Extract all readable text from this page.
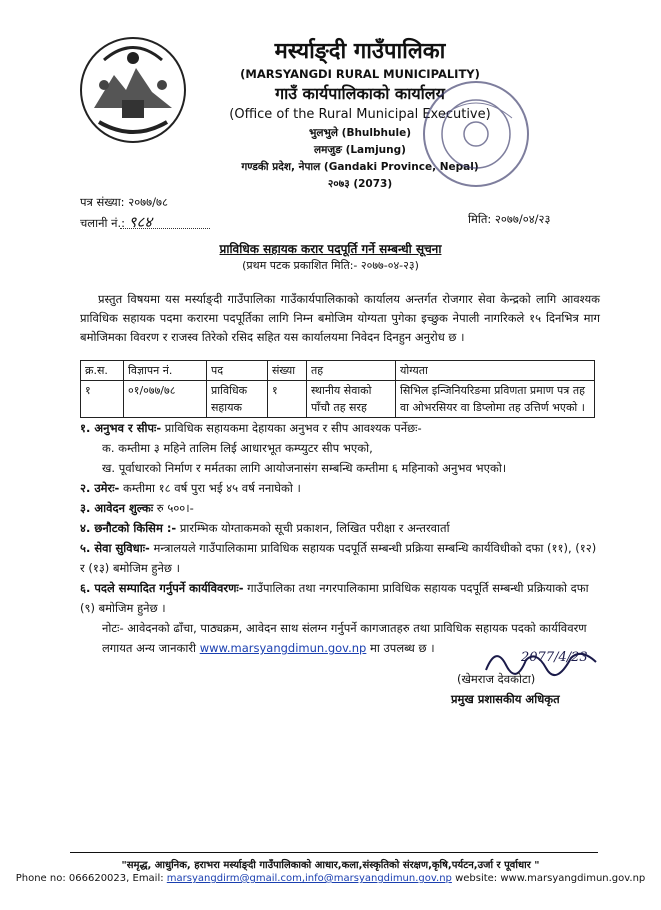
मर्स्याङ्दी गाउँपालिका
(MARSYANGDI RURAL MUNICIPALITY)
गाउँ कार्यपालिकाको कार्यालय
(Office of the Rural Municipal Executive)
भुलभुले (Bhulbhule)
लमजुङ (Lamjung)
गण्डकी प्रदेश, नेपाल (Gandaki Province, Nepal)
२०७३ (2073)
पत्र संख्या: २०७७/७८
चलानी नं.: ९८४	मिति: २०७७/०४/२३
प्राविधिक सहायक करार पदपूर्ति गर्ने सम्बन्धी सूचना
(प्रथम पटक प्रकाशित मिति:- २०७७-०४-२३)
प्रस्तुत विषयमा यस मर्स्याङ्दी गाउँपालिका गाउँकार्यपालिकाको कार्यालय अन्तर्गत रोजगार सेवा केन्द्रको लागि आवश्यक प्राविधिक सहायक पदमा करारमा पदपूर्तिका लागि निम्न बमोजिम योग्यता पुगेका इच्छुक नेपाली नागरिकले १५ दिनभित्र माग बमोजिमका विवरण र राजस्व तिरेको रसिद सहित यस कार्यालयमा निवेदन दिनहुन अनुरोध छ ।
क्र.स.	विज्ञापन नं.	पद	संख्या	तह	योग्यता
१	०१/०७७/७८	प्राविधिक सहायक	१	स्थानीय सेवाको पाँचौ तह सरह	सिभिल इन्जिनियरिङमा प्रविणता प्रमाण पत्र तह वा ओभरसियर वा डिप्लोमा तह उत्तिर्ण भएको ।
१. अनुभव र सीपः- प्राविधिक सहायकमा देहायका अनुभव र सीप आवश्यक पर्नेछः-
क. कम्तीमा ३ महिने तालिम लिई आधारभूत कम्प्युटर सीप भएको,
ख. पूर्वाधारको निर्माण र मर्मतका लागि आयोजनासंग सम्बन्धि कम्तीमा ६ महिनाको अनुभव भएको।
२. उमेरः- कम्तीमा १८ वर्ष पुरा भई ४५ वर्ष ननाघेको ।
३. आवेदन शुल्कः रु ५००।-
४. छनौटको किसिम :- प्रारम्भिक योग्ताकमको सूची प्रकाशन, लिखित परीक्षा र अन्तरवार्ता
५. सेवा सुविधाः- मन्त्रालयले गाउँपालिकामा प्राविधिक सहायक पदपूर्ति सम्बन्धी प्रक्रिया सम्बन्धि कार्यविधीको दफा (११), (१२) र (१३) बमोजिम हुनेछ ।
६. पदले सम्पादित गर्नुपर्ने कार्यविवरणः- गाउँपालिका तथा नगरपालिकामा प्राविधिक सहायक पदपूर्ति सम्बन्धी प्रक्रियाको दफा (९) बमोजिम हुनेछ ।
नोटः- आवेदनको ढाँचा, पाठ्यक्रम, आवेदन साथ संलग्न गर्नुपर्ने कागजातहरु तथा प्राविधिक सहायक पदको कार्यविवरण लगायत अन्य जानकारी www.marsyangdimun.gov.np मा उपलब्ध छ ।
2077/4/23
(खेमराज देवकोटा)
प्रमुख प्रशासकीय अधिकृत
"समृद्ध, आधुनिक, हराभरा मर्स्याङ्दी गाउँपालिकाको आधार,कला,संस्कृतिको संरक्षण,कृषि,पर्यटन,उर्जा र पूर्वाधार "
Phone no: 066620023, Email: marsyangdirm@gmail.com,info@marsyangdimun.gov.np website: www.marsyangdimun.gov.np
